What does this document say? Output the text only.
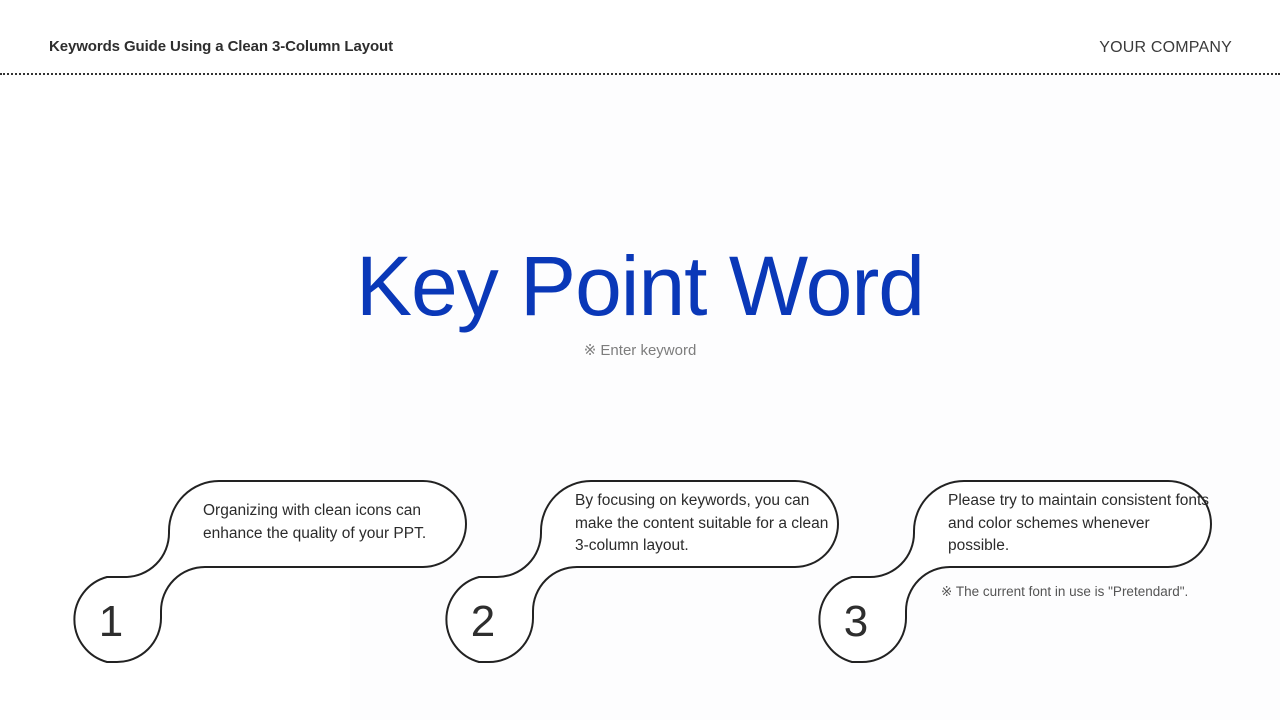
Keywords Guide Using a Clean 3-Column Layout	YOUR COMPANY
Key Point Word
※ Enter keyword
1
Organizing with clean icons can enhance the quality of your PPT.
2
By focusing on keywords, you can make the content suitable for a clean 3-column layout.
3
Please try to maintain consistent fonts and color schemes whenever possible.
※ The current font in use is "Pretendard".
